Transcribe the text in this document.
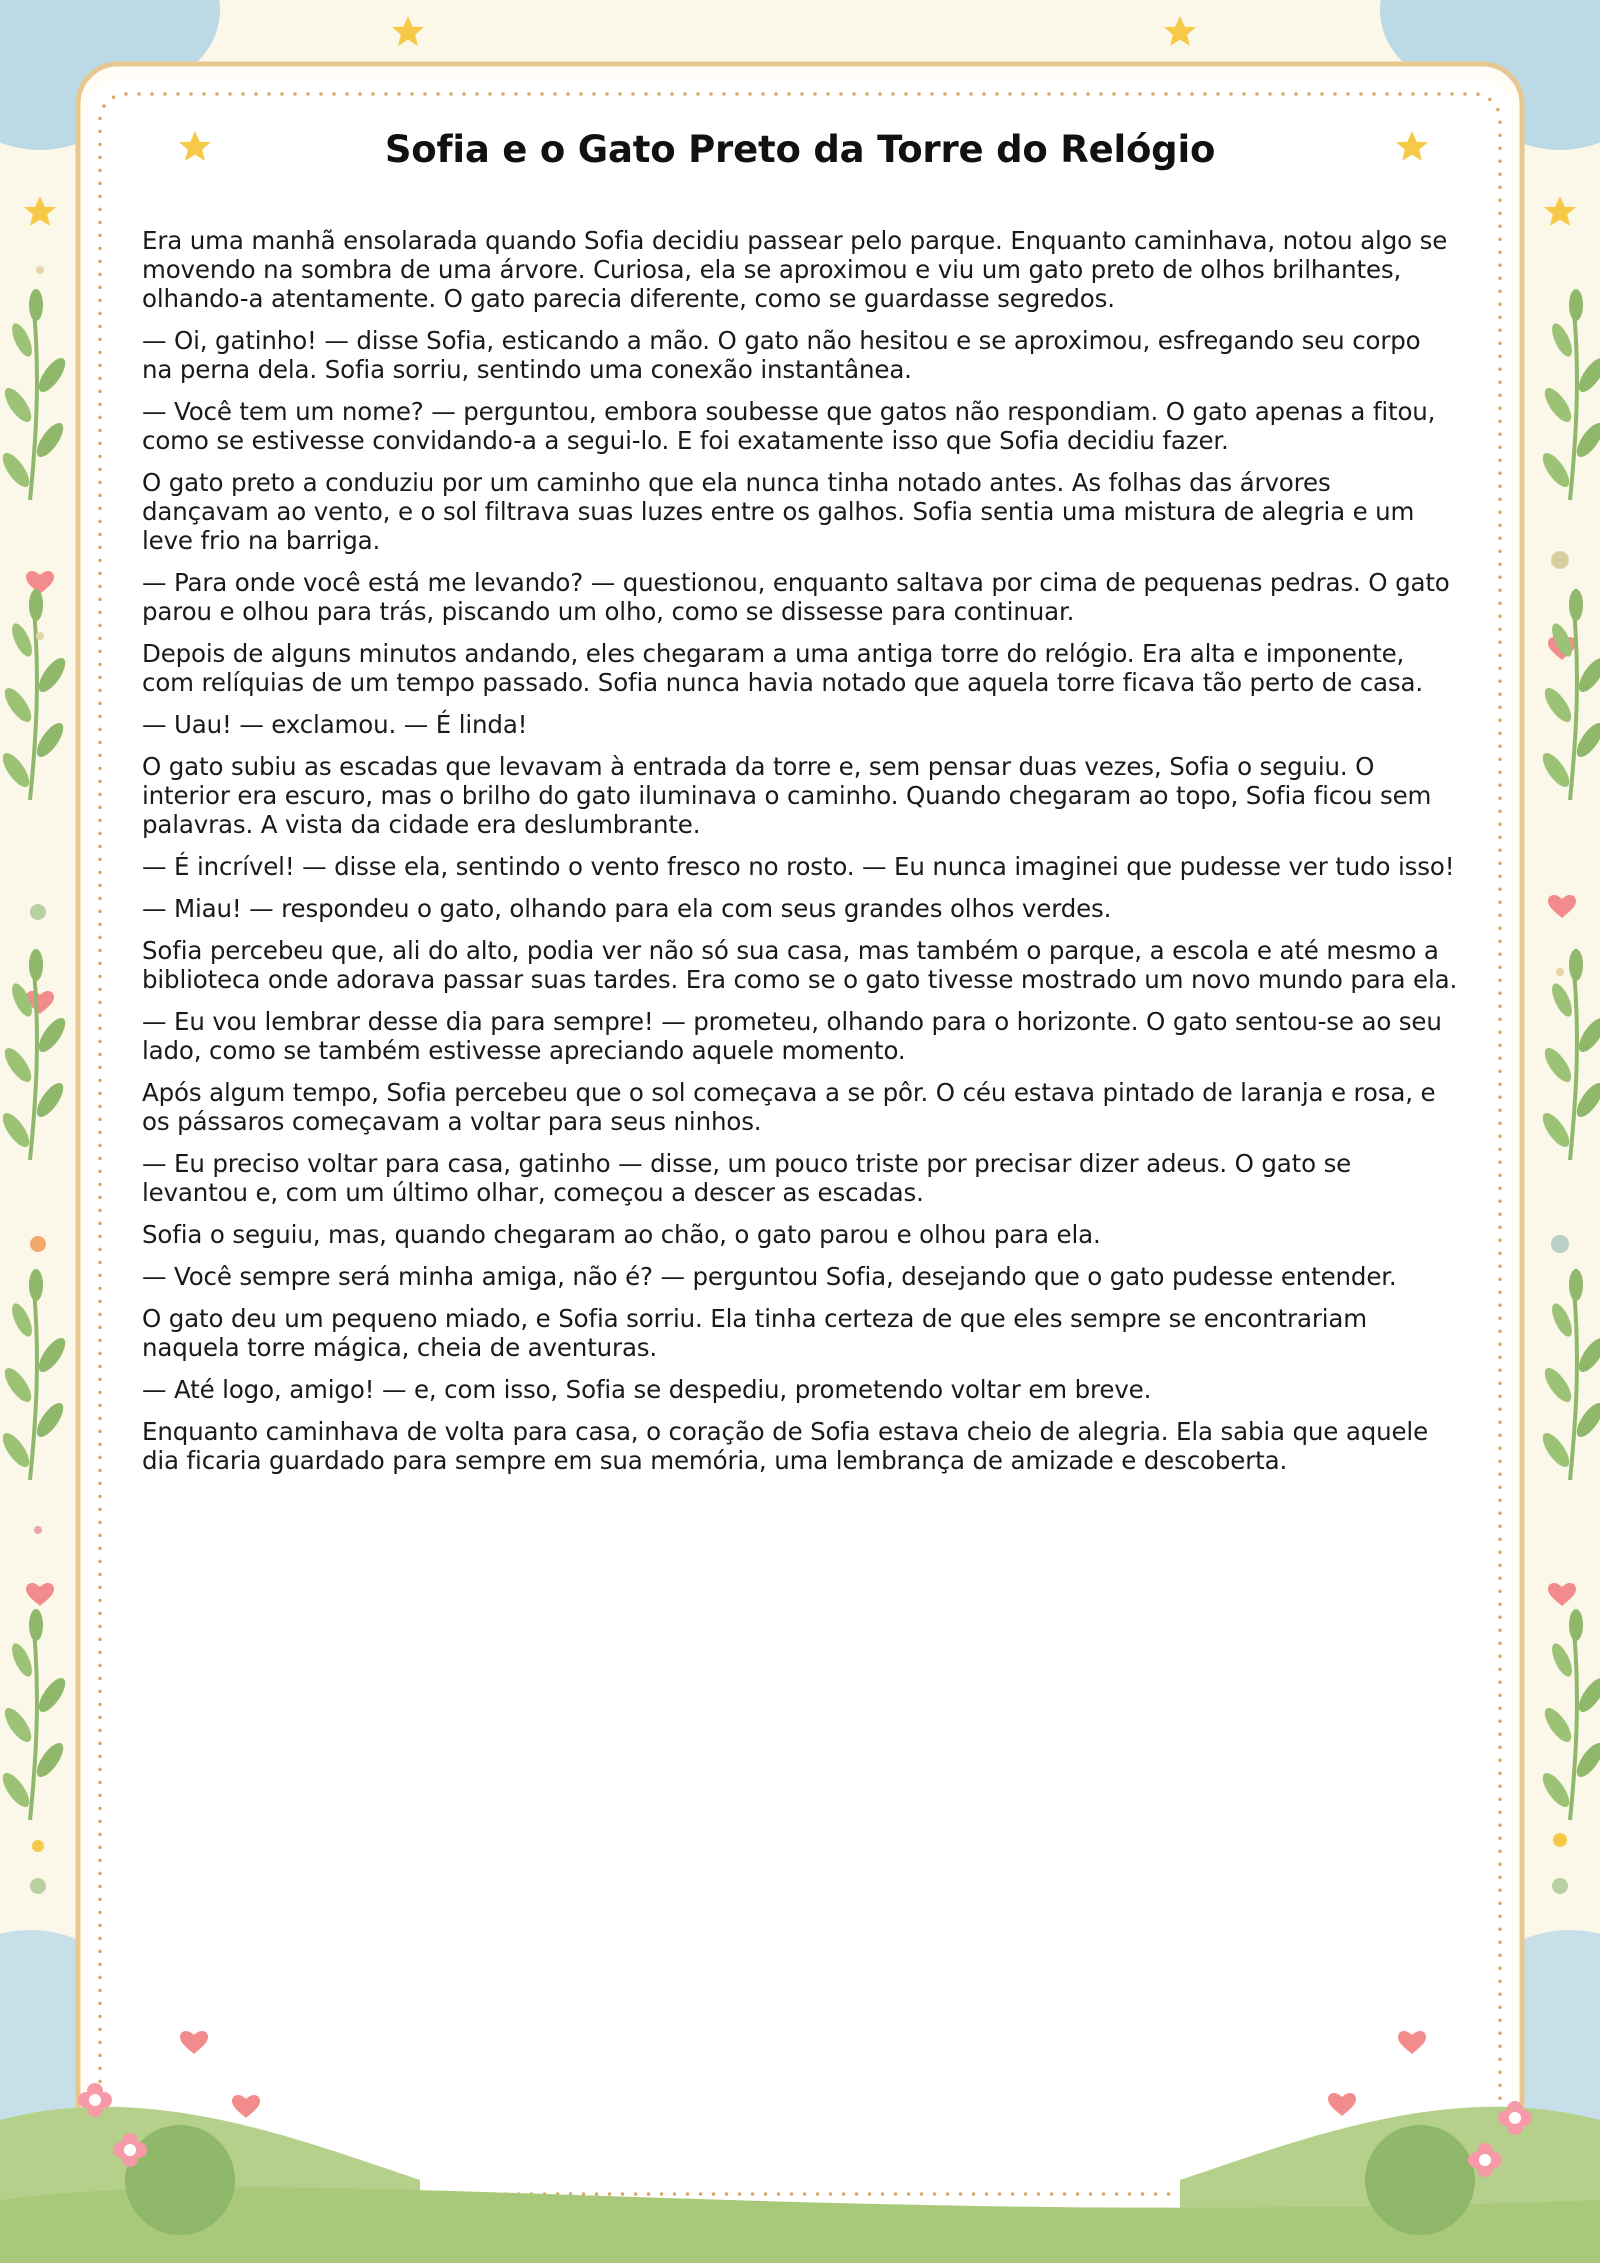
Sofia e o Gato Preto da Torre do Relógio

Era uma manhã ensolarada quando Sofia decidiu passear pelo parque. Enquanto caminhava, notou algo se movendo na sombra de uma árvore. Curiosa, ela se aproximou e viu um gato preto de olhos brilhantes, olhando-a atentamente. O gato parecia diferente, como se guardasse segredos.

— Oi, gatinho! — disse Sofia, esticando a mão. O gato não hesitou e se aproximou, esfregando seu corpo na perna dela. Sofia sorriu, sentindo uma conexão instantânea.

— Você tem um nome? — perguntou, embora soubesse que gatos não respondiam. O gato apenas a fitou, como se estivesse convidando-a a segui-lo. E foi exatamente isso que Sofia decidiu fazer.

O gato preto a conduziu por um caminho que ela nunca tinha notado antes. As folhas das árvores dançavam ao vento, e o sol filtrava suas luzes entre os galhos. Sofia sentia uma mistura de alegria e um leve frio na barriga.

— Para onde você está me levando? — questionou, enquanto saltava por cima de pequenas pedras. O gato parou e olhou para trás, piscando um olho, como se dissesse para continuar.

Depois de alguns minutos andando, eles chegaram a uma antiga torre do relógio. Era alta e imponente, com relíquias de um tempo passado. Sofia nunca havia notado que aquela torre ficava tão perto de casa.

— Uau! — exclamou. — É linda!

O gato subiu as escadas que levavam à entrada da torre e, sem pensar duas vezes, Sofia o seguiu. O interior era escuro, mas o brilho do gato iluminava o caminho. Quando chegaram ao topo, Sofia ficou sem palavras. A vista da cidade era deslumbrante.

— É incrível! — disse ela, sentindo o vento fresco no rosto. — Eu nunca imaginei que pudesse ver tudo isso!

— Miau! — respondeu o gato, olhando para ela com seus grandes olhos verdes.

Sofia percebeu que, ali do alto, podia ver não só sua casa, mas também o parque, a escola e até mesmo a biblioteca onde adorava passar suas tardes. Era como se o gato tivesse mostrado um novo mundo para ela.

— Eu vou lembrar desse dia para sempre! — prometeu, olhando para o horizonte. O gato sentou-se ao seu lado, como se também estivesse apreciando aquele momento.

Após algum tempo, Sofia percebeu que o sol começava a se pôr. O céu estava pintado de laranja e rosa, e os pássaros começavam a voltar para seus ninhos.

— Eu preciso voltar para casa, gatinho — disse, um pouco triste por precisar dizer adeus. O gato se levantou e, com um último olhar, começou a descer as escadas.

Sofia o seguiu, mas, quando chegaram ao chão, o gato parou e olhou para ela.

— Você sempre será minha amiga, não é? — perguntou Sofia, desejando que o gato pudesse entender.

O gato deu um pequeno miado, e Sofia sorriu. Ela tinha certeza de que eles sempre se encontrariam naquela torre mágica, cheia de aventuras.

— Até logo, amigo! — e, com isso, Sofia se despediu, prometendo voltar em breve.

Enquanto caminhava de volta para casa, o coração de Sofia estava cheio de alegria. Ela sabia que aquele dia ficaria guardado para sempre em sua memória, uma lembrança de amizade e descoberta.
